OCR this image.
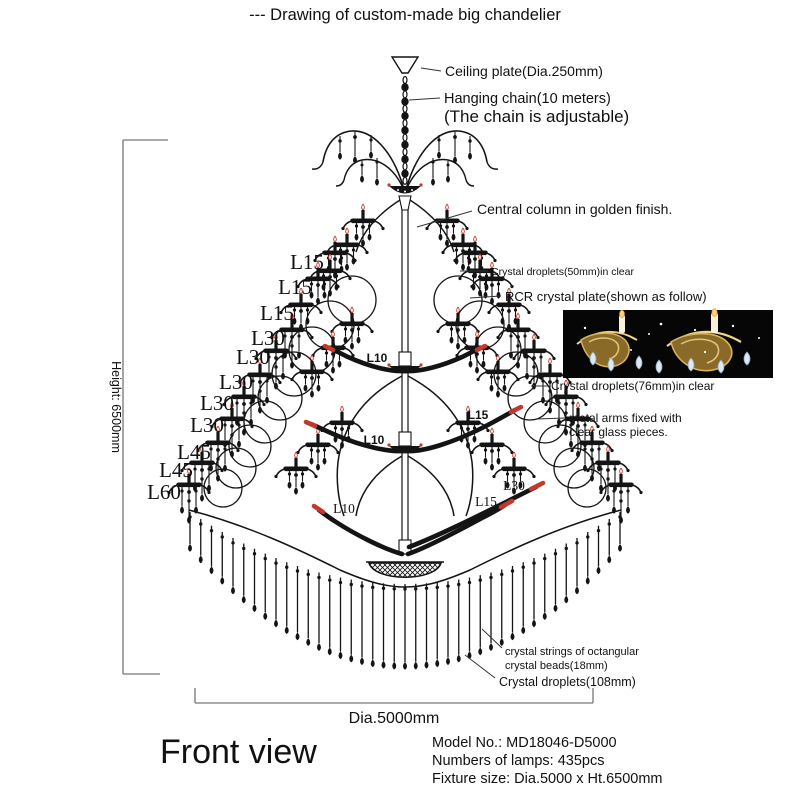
--- Drawing of custom-made big chandelier
Ceiling plate(Dia.250mm)
Hanging chain(10 meters)
(The chain is adjustable)
Central column in golden finish.
Crystal droplets(50mm)in clear
RCR crystal plate(shown as follow)
Crystal droplets(76mm)in clear
metal arms fixed with
clear glass pieces.
crystal strings of octangular
crystal beads(18mm)
Crystal droplets(108mm)
L15
L15
L15
L30
L30
L30
L30
L30
L45
L45
L60
L10
L15
L10
L30
L15
L10
Height: 6500mm
Dia.5000mm
Front view	Model No.: MD18046-D5000
Numbers of lamps: 435pcs
Fixture size: Dia.5000 x Ht.6500mm
